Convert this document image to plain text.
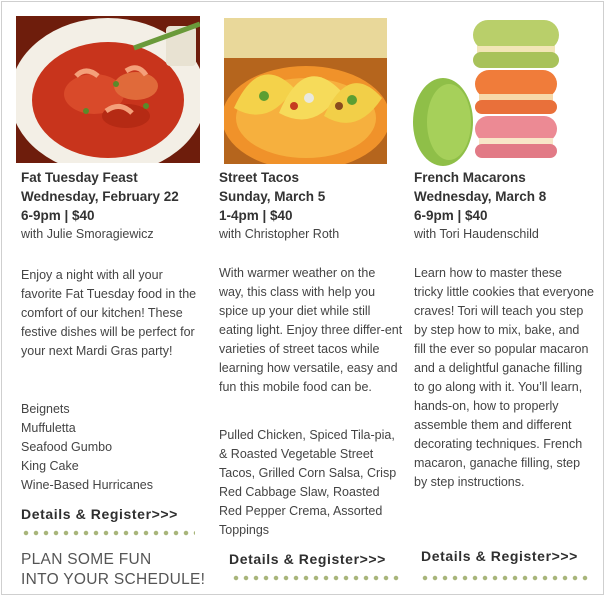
Fat Tuesday Feast
Wednesday, February 22
6-9pm | $40
with Julie Smoragiewicz
Enjoy a night with all your favorite Fat Tuesday food in the comfort of our kitchen! These festive dishes will be perfect for your next Mardi Gras party!
Beignets
Muffuletta
Seafood Gumbo
King Cake
Wine-Based Hurricanes
Details & Register>>>
PLAN SOME FUN
INTO YOUR SCHEDULE!
Street Tacos
Sunday, March 5
1-4pm | $40
with Christopher Roth
With warmer weather on the way, this class with help you spice up your diet while still eating light. Enjoy three differ-ent varieties of street tacos while learning how versatile, easy and fun this mobile food can be.
Pulled Chicken, Spiced Tila-pia, & Roasted Vegetable Street Tacos, Grilled Corn Salsa, Crisp Red Cabbage Slaw, Roasted Red Pepper Crema, Assorted Toppings
Details & Register>>>
French Macarons
Wednesday, March 8
6-9pm | $40
with Tori Haudenschild
Learn how to master these tricky little cookies that everyone craves! Tori will teach you step by step how to mix, bake, and fill the ever so popular macaron and a delightful ganache filling to go along with it. You’ll learn, hands-on, how to properly assemble them and different decorating techniques. French macaron, ganache filling, step by step instructions.
Details & Register>>>
